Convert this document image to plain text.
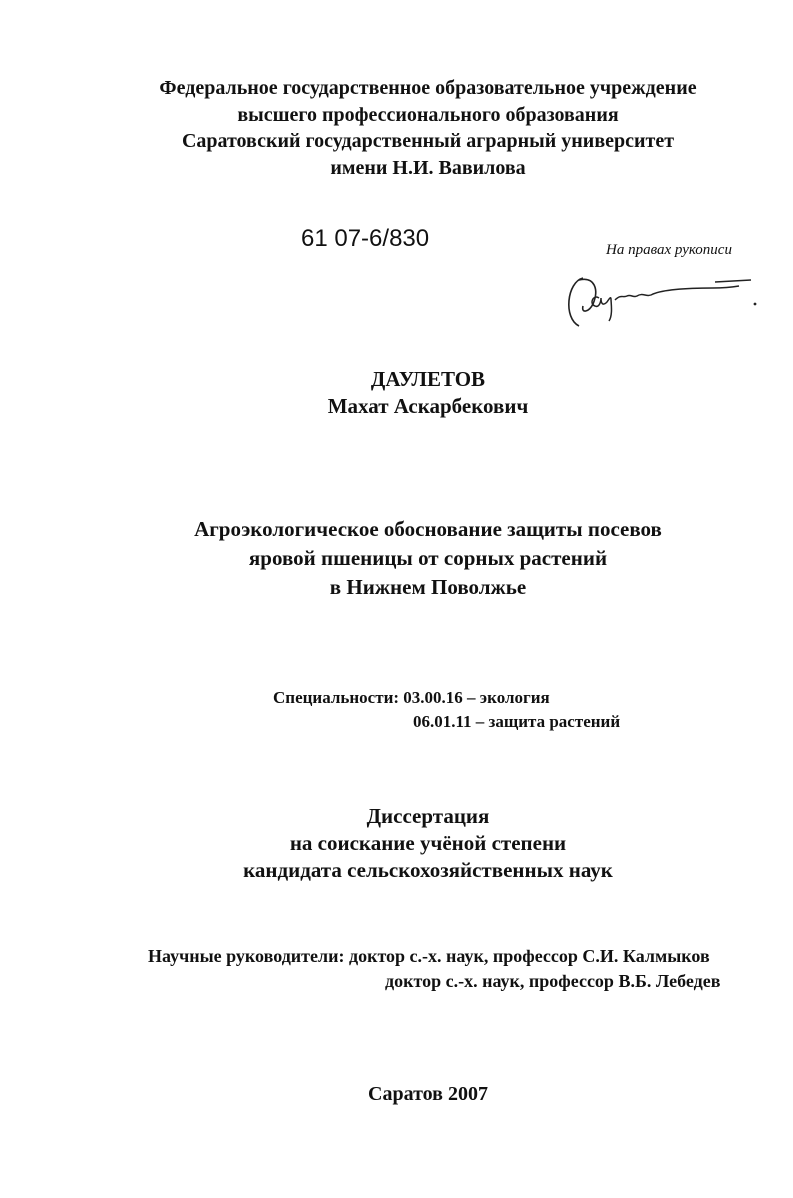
Федеральное государственное образовательное учреждение
высшего профессионального образования
Саратовский государственный аграрный университет
имени Н.И. Вавилова
61 07-6/830	На правах рукописи
ДАУЛЕТОВ
Махат Аскарбекович
Агроэкологическое обоснование защиты посевов
яровой пшеницы от сорных растений
в Нижнем Поволжье
Специальности: 03.00.16 – экология
06.01.11 – защита растений
Диссертация
на соискание учёной степени
кандидата сельскохозяйственных наук
Научные руководители: доктор с.-х. наук, профессор С.И. Калмыков
доктор с.-х. наук, профессор В.Б. Лебедев
Саратов 2007
